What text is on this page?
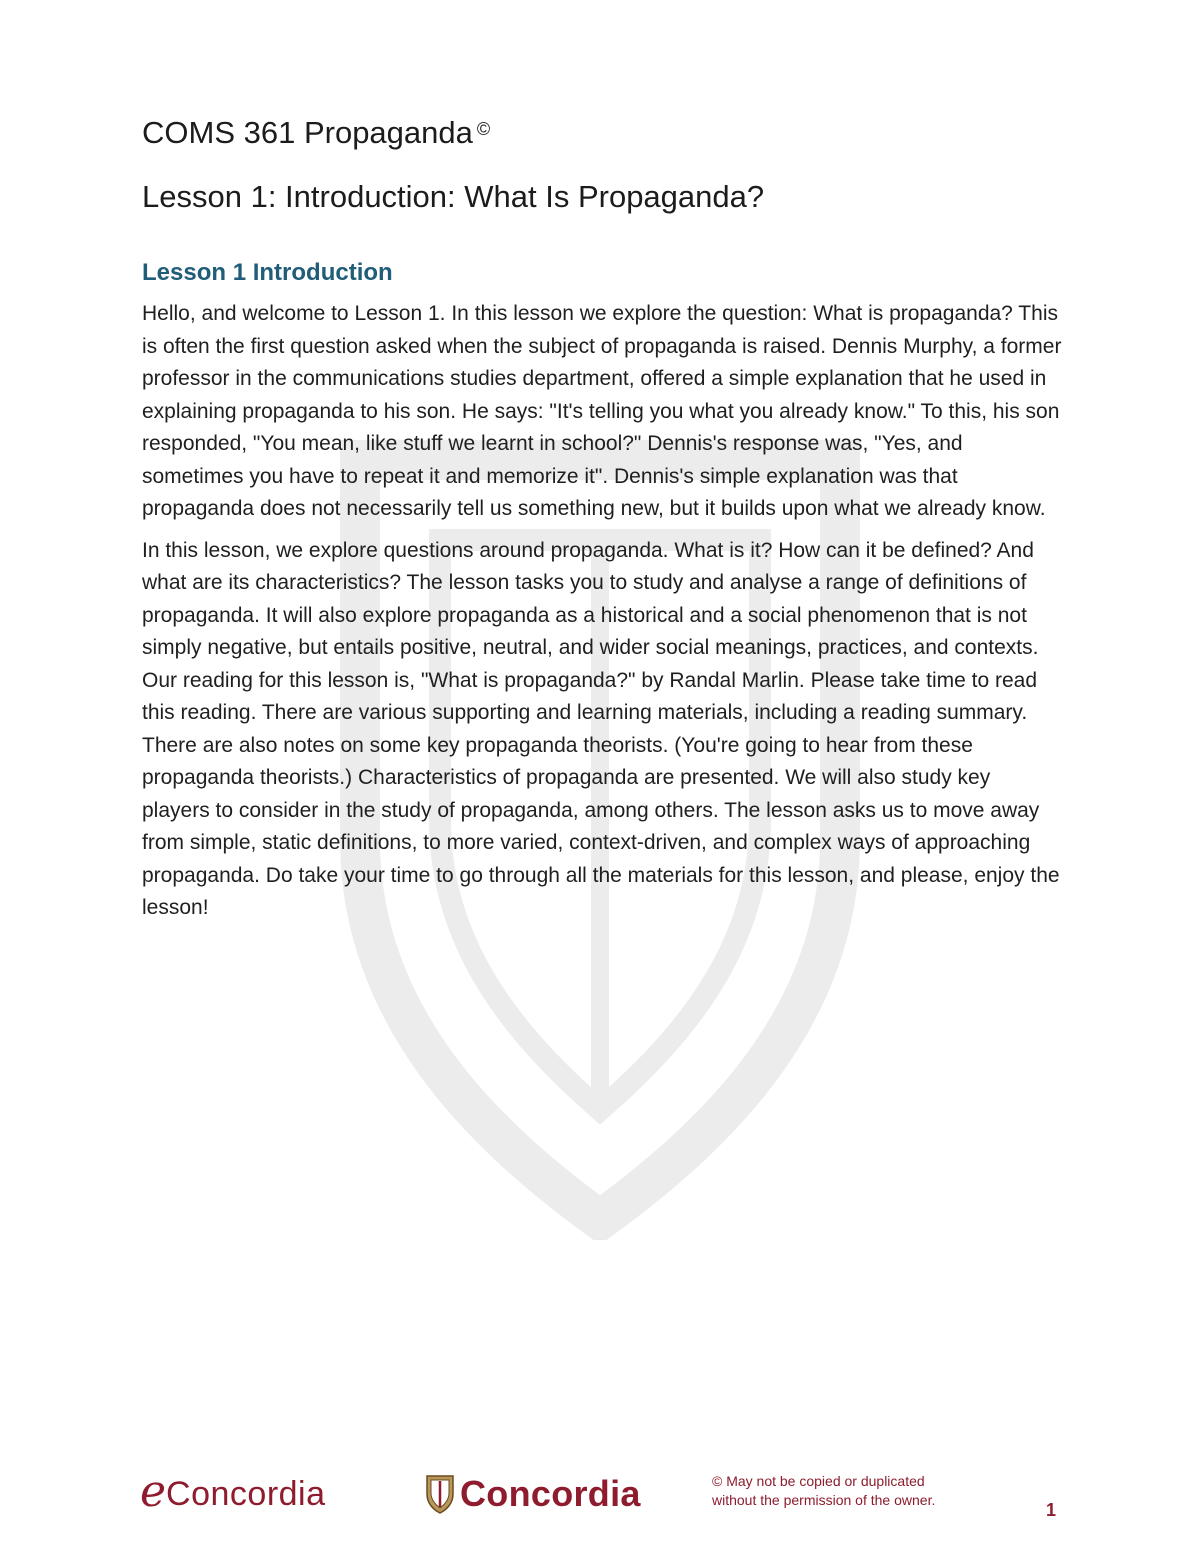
COMS 361 Propaganda ©
Lesson 1: Introduction: What Is Propaganda?
Lesson 1 Introduction

Hello, and welcome to Lesson 1. In this lesson we explore the question: What is propaganda? This is often the first question asked when the subject of propaganda is raised. Dennis Murphy, a former professor in the communications studies department, offered a simple explanation that he used in explaining propaganda to his son. He says: "It's telling you what you already know." To this, his son responded, "You mean, like stuff we learnt in school?" Dennis's response was, "Yes, and sometimes you have to repeat it and memorize it". Dennis's simple explanation was that propaganda does not necessarily tell us something new, but it builds upon what we already know.

In this lesson, we explore questions around propaganda. What is it? How can it be defined? And what are its characteristics? The lesson tasks you to study and analyse a range of definitions of propaganda. It will also explore propaganda as a historical and a social phenomenon that is not simply negative, but entails positive, neutral, and wider social meanings, practices, and contexts. Our reading for this lesson is, "What is propaganda?" by Randal Marlin. Please take time to read this reading. There are various supporting and learning materials, including a reading summary. There are also notes on some key propaganda theorists. (You're going to hear from these propaganda theorists.) Characteristics of propaganda are presented. We will also study key players to consider in the study of propaganda, among others. The lesson asks us to move away from simple, static definitions, to more varied, context-driven, and complex ways of approaching propaganda. Do take your time to go through all the materials for this lesson, and please, enjoy the lesson!

e Concordia	Concordia	© May not be copied or duplicated
without the permission of the owner.	1
